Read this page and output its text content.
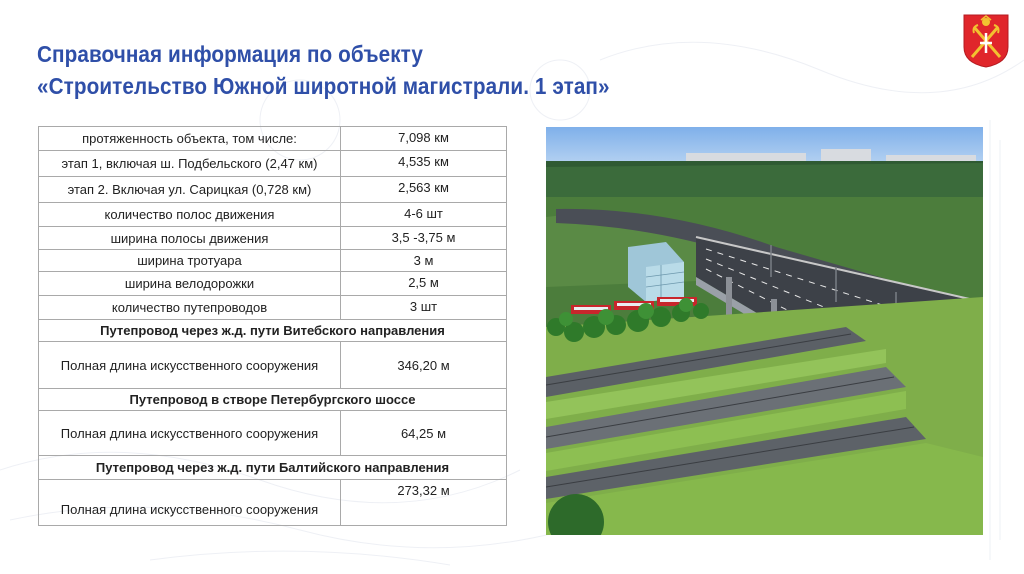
Справочная информация по объекту
«Строительство Южной широтной магистрали. 1 этап»
протяженность объекта, том числе:	7,098 км
этап 1, включая ш. Подбельского (2,47 км)	4,535 км
этап 2. Включая ул. Сарицкая (0,728 км)	2,563 км
количество полос движения	4-6 шт
ширина полосы движения	3,5 -3,75 м
ширина тротуара	3 м
ширина велодорожки	2,5 м
количество путепроводов	3 шт
Путепровод через ж.д. пути Витебского направления	
Полная длина искусственного сооружения	346,20 м
Путепровод в створе Петербургского шоссе	
Полная длина искусственного сооружения	64,25 м
Путепровод через ж.д. пути Балтийского направления	
Полная длина искусственного сооружения	273,32 м
